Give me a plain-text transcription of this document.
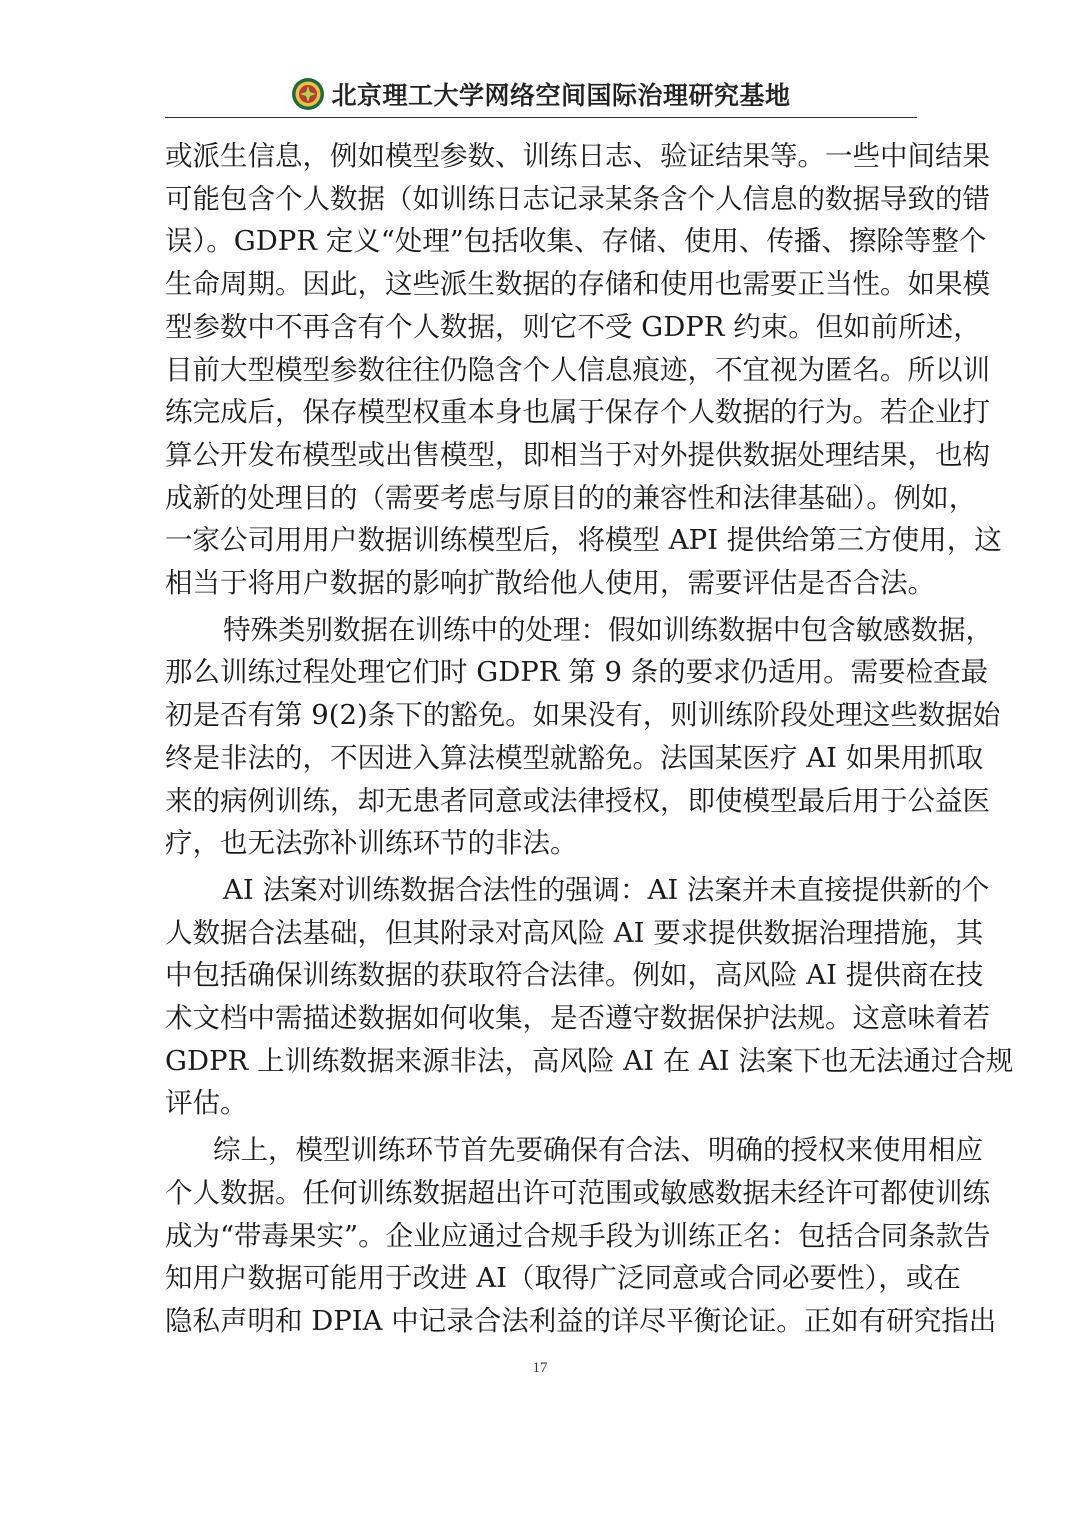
北京理工大学网络空间国际治理研究基地

或派生信息，例如模型参数、训练日志、验证结果等。一些中间结果
可能包含个人数据（如训练日志记录某条含个人信息的数据导致的错
误）。GDPR 定义“处理”包括收集、存储、使用、传播、擦除等整个
生命周期。因此，这些派生数据的存储和使用也需要正当性。如果模
型参数中不再含有个人数据，则它不受 GDPR 约束。但如前所述，
目前大型模型参数往往仍隐含个人信息痕迹，不宜视为匿名。所以训
练完成后，保存模型权重本身也属于保存个人数据的行为。若企业打
算公开发布模型或出售模型，即相当于对外提供数据处理结果，也构
成新的处理目的（需要考虑与原目的的兼容性和法律基础）。例如，
一家公司用用户数据训练模型后，将模型 API 提供给第三方使用，这
相当于将用户数据的影响扩散给他人使用，需要评估是否合法。

特殊类别数据在训练中的处理：假如训练数据中包含敏感数据，
那么训练过程处理它们时 GDPR 第 9 条的要求仍适用。需要检查最
初是否有第 9(2)条下的豁免。如果没有，则训练阶段处理这些数据始
终是非法的，不因进入算法模型就豁免。法国某医疗 AI 如果用抓取
来的病例训练，却无患者同意或法律授权，即使模型最后用于公益医
疗，也无法弥补训练环节的非法。

AI 法案对训练数据合法性的强调：AI 法案并未直接提供新的个
人数据合法基础，但其附录对高风险 AI 要求提供数据治理措施，其
中包括确保训练数据的获取符合法律。例如，高风险 AI 提供商在技
术文档中需描述数据如何收集，是否遵守数据保护法规。这意味着若
GDPR 上训练数据来源非法，高风险 AI 在 AI 法案下也无法通过合规
评估。

综上，模型训练环节首先要确保有合法、明确的授权来使用相应
个人数据。任何训练数据超出许可范围或敏感数据未经许可都使训练
成为“带毒果实”。企业应通过合规手段为训练正名：包括合同条款告
知用户数据可能用于改进 AI（取得广泛同意或合同必要性），或在
隐私声明和 DPIA 中记录合法利益的详尽平衡论证。正如有研究指出

17
